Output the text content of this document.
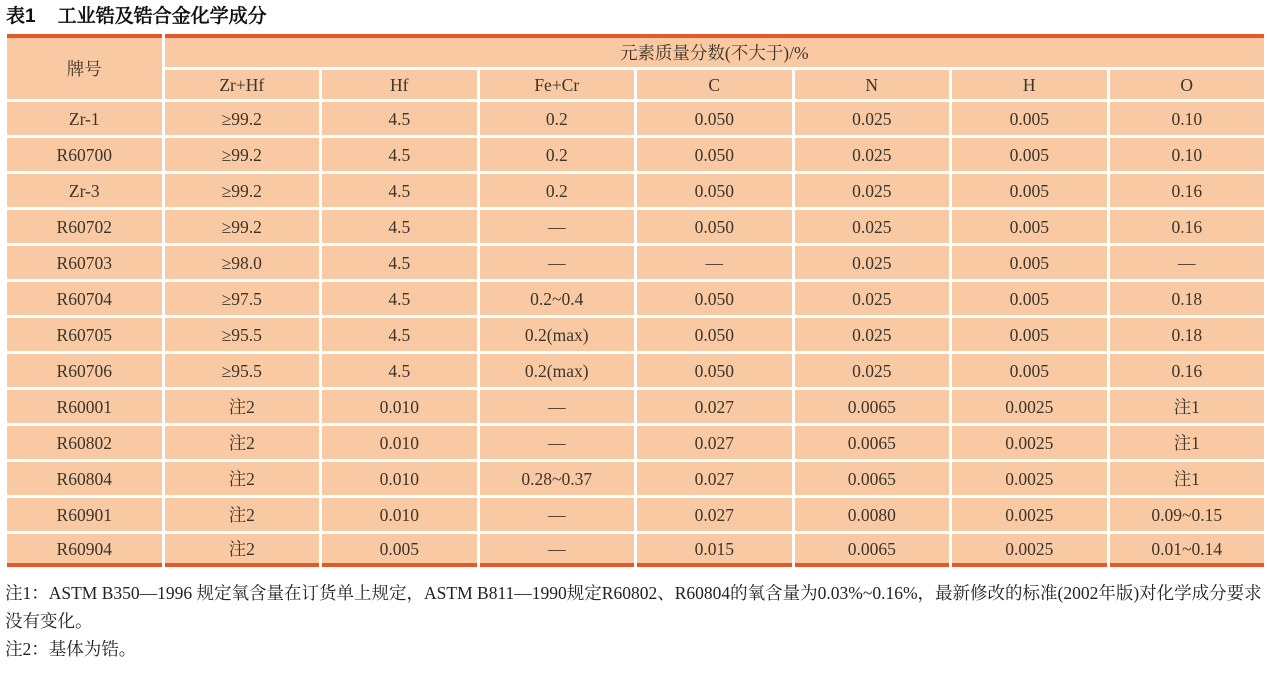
表1 工业锆及锆合金化学成分
牌号	元素质量分数(不大于)/%						
	Zr+Hf	Hf	Fe+Cr	C	N	H	O
Zr-1	≥99.2	4.5	0.2	0.050	0.025	0.005	0.10
R60700	≥99.2	4.5	0.2	0.050	0.025	0.005	0.10
Zr-3	≥99.2	4.5	0.2	0.050	0.025	0.005	0.16
R60702	≥99.2	4.5	—	0.050	0.025	0.005	0.16
R60703	≥98.0	4.5	—	—	0.025	0.005	—
R60704	≥97.5	4.5	0.2~0.4	0.050	0.025	0.005	0.18
R60705	≥95.5	4.5	0.2(max)	0.050	0.025	0.005	0.18
R60706	≥95.5	4.5	0.2(max)	0.050	0.025	0.005	0.16
R60001	注2	0.010	—	0.027	0.0065	0.0025	注1
R60802	注2	0.010	—	0.027	0.0065	0.0025	注1
R60804	注2	0.010	0.28~0.37	0.027	0.0065	0.0025	注1
R60901	注2	0.010	—	0.027	0.0080	0.0025	0.09~0.15
R60904	注2	0.005	—	0.015	0.0065	0.0025	0.01~0.14

注1：ASTM B350—1996 规定氧含量在订货单上规定，ASTM B811—1990规定R60802、R60804的氧含量为0.03%~0.16%，最新修改的标准(2002年版)对化学成分要求没有变化。

注2：基体为锆。
